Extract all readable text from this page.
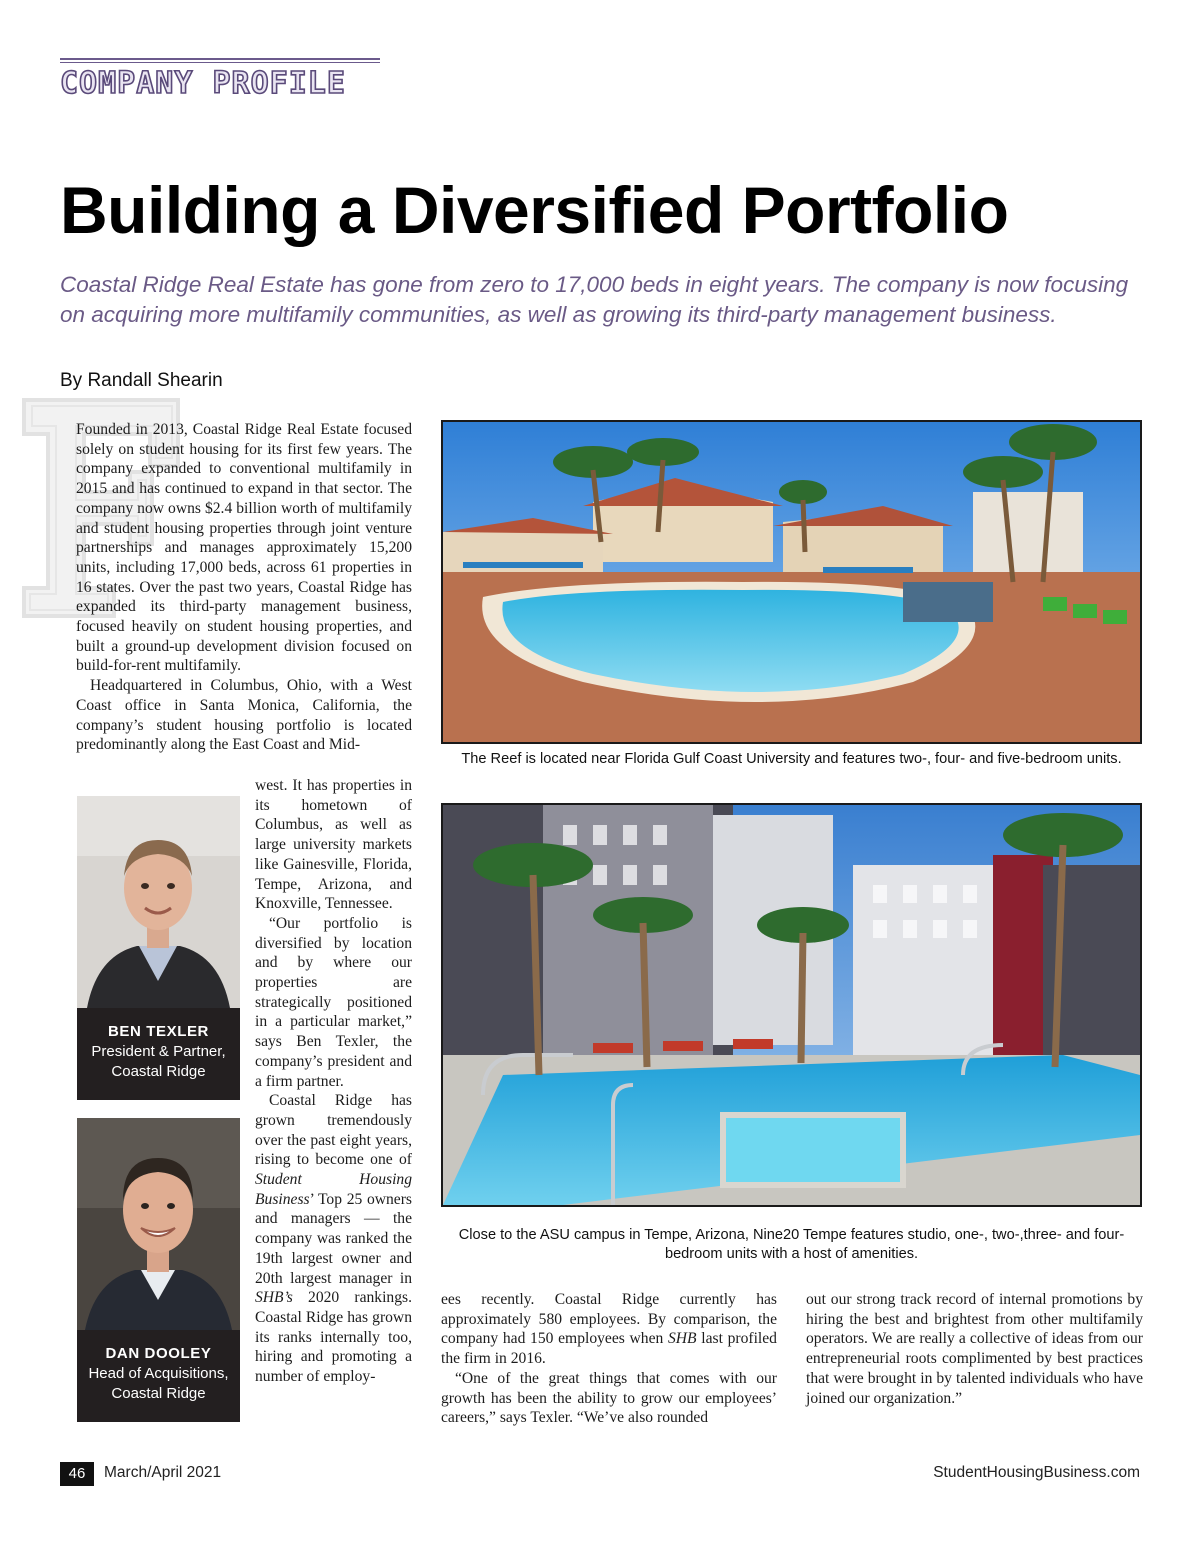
COMPANY PROFILE
Building a Diversified Portfolio
Coastal Ridge Real Estate has gone from zero to 17,000 beds in eight years. The company is now focusing on acquiring more multifamily communities, as well as growing its third-party management business.
By Randall Shearin

Founded in 2013, Coastal Ridge Real Estate focused solely on student housing for its first few years. The company expanded to conventional multifamily in 2015 and has continued to expand in that sector. The company now owns $2.4 billion worth of multifamily and student housing properties through joint venture partnerships and manages approximately 15,200 units, including 17,000 beds, across 61 properties in 16 states. Over the past two years, Coastal Ridge has expanded its third-party management business, focused heavily on student housing properties, and built a ground-up development division focused on build-for-rent multifamily.

Headquartered in Columbus, Ohio, with a West Coast office in Santa Monica, California, the company’s student housing portfolio is located predominantly along the East Coast and Mid-

west. It has properties in its hometown of Columbus, as well as large university markets like Gainesville, Florida, Tempe, Arizona, and Knoxville, Tennessee.

“Our portfolio is diversified by location and by where our properties are strategically positioned in a particular market,” says Ben Texler, the company’s president and a firm partner.

Coastal Ridge has grown tremendously over the past eight years, rising to become one of Student Housing Business’ Top 25 owners and managers — the company was ranked the 19th largest owner and 20th largest manager in SHB’s 2020 rankings. Coastal Ridge has grown its ranks internally too, hiring and promoting a number of employ-

BEN TEXLER
President & Partner,
Coastal Ridge
DAN DOOLEY
Head of Acquisitions,
Coastal Ridge
The Reef is located near Florida Gulf Coast University and features two-, four- and five-bedroom units.
Close to the ASU campus in Tempe, Arizona, Nine20 Tempe features studio, one-, two-,three- and four-bedroom units with a host of amenities.

ees recently. Coastal Ridge currently has approximately 580 employees. By comparison, the company had 150 employees when SHB last profiled the firm in 2016.

“One of the great things that comes with our growth has been the ability to grow our employees’ careers,” says Texler. “We’ve also rounded

out our strong track record of internal promotions by hiring the best and brightest from other multifamily operators. We are really a collective of ideas from our entrepreneurial roots complimented by best practices that were brought in by talented individuals who have joined our organization.”

46	March/April 2021	StudentHousingBusiness.com
